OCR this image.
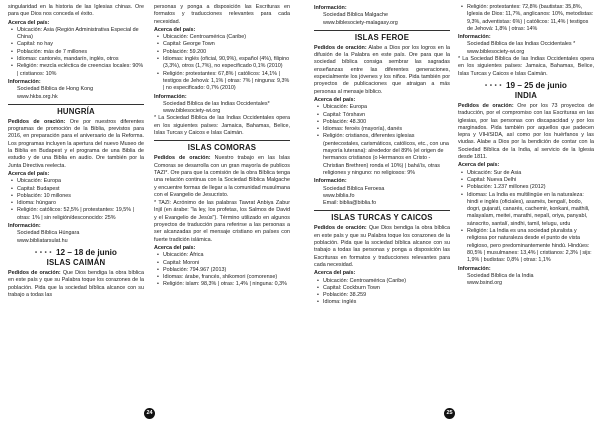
singularidad en la historia de las Iglesias chinas. Ore para que Dios nos conceda el éxito.

Acerca del país:
• Ubicación: Asia (Región Administrativa Especial de China)
• Capital: no hay
• Población: más de 7 millones
• Idiomas: cantonés, mandarín, inglés, otros
• Religión: mezcla ecléctica de creencias locales: 90% | cristianos: 10%
Información:
Sociedad Bíblica de Hong Kong
www.hkbs.org.hk
HUNGRÍA

Pedidos de oración: Ore por nuestros diferentes programas de promoción de la Biblia, previstos para 2016, en preparación para el aniversario de la Reforma. Los programas incluyen la apertura del nuevo Museo de la Biblia en Budapest y el programa de una Biblia de estudio y de una Biblia en audio. Ore también por la Junta Directiva reelecta.

Acerca del país:
• Ubicación: Europa
• Capital: Budapest
• Población: 10 millones
• Idioma: húngaro
• Religión: católicos: 52,5% | protestantes: 19,5% | otras: 1% | sin religión/desconocido: 25%
Información:
Sociedad Bíblica Húngara
www.bibliatarsulat.hu
• • • • 12 – 18 de junio
ISLAS CAIMÁN

Pedidos de oración: Que Dios bendiga la obra bíblica en este país y que su Palabra toque los corazones de la población. Pida que la sociedad bíblica alcance con su trabajo a todas las

personas y ponga a disposición las Escrituras en formatos y traducciones relevantes para cada necesidad.

Acerca del país:
• Ubicación: Centroamérica (Caribe)
• Capital: George Town
• Población: 59.200
• Idiomas: inglés (oficial, 90,9%), español (4%), filipino (3,3%), otros (1,7%), no especificado 0,1% (2010)
• Religión: protestantes: 67,8% | católicos: 14,1% | testigos de Jehová: 1,1% | otras: 7% | ninguna: 9,3% | no especificado: 0,7% (2010)
Información:
Sociedad Bíblica de las Indias Occidentales*
www.biblesociety-wi.org

* La Sociedad Bíblica de las Indias Occidentales opera en los siguientes países: Jamaica, Bahamas, Belice, Islas Turcas y Caicos e Islas Caimán.

ISLAS COMORAS

Pedidos de oración: Nuestro trabajo en las Islas Comoras se desarrolla con un gran mayoría de publicos TAZI*. Ore para que la comisión de la obra Bíblica tenga una relación continua con la Sociedad Bíblica Malgache y encuentre formas de llegar a la comunidad musulmana con el Evangelio de Jesucristo.

* TAZI: Acrónimo de las palabras Tawrat Anbiya Zabur Injil (en árabe: "la ley, los profetas, los Salmos de David y el Evangelio de Jesús"). Término utilizado en algunos proyectos de traducción para referirse a las personas a ser alcanzadas por el mensaje cristiano en países con fuerte tradición islámica.

Acerca del país:
• Ubicación: África
• Capital: Moroni
• Población: 794.967 (2013)
• Idiomas: árabe, francés, shikomori (comorense)
• Religión: islam: 98,3% | otras: 1,4% | ninguna: 0,3%
24
Información:
Sociedad Bíblica Malgache
www.biblesociety-malagasy.org
ISLAS FEROE

Pedidos de oración: Alabe a Dios por los logros en la difusión de la Palabra en este país. Ore para que la sociedad bíblica consiga sembrar las sagradas enseñanzas entre las diferentes generaciones, especialmente los jóvenes y los niños. Pida también por proyectos de publicaciones que atraigan a más personas al mensaje bíblico.

Acerca del país:
• Ubicación: Europa
• Capital: Tórshavn
• Población: 48.300
• Idiomas: feroés (mayoría), danés
• Religión: cristianos, diferentes iglesias (pentecostales, carismáticos, católicos, etc., con una mayoría luterana): alrededor del 89% (el origen de hermanos cristianos (o Hermanos en Cristo - Christian Brethren) ronda el 10%) | bahá'ís, otras religiones y ninguno: no religiosos: 9%
Información:
Sociedad Bíblica Feroesa
www.biblia.fo
Email: biblia@biblia.fo
ISLAS TURCAS Y CAICOS

Pedidos de oración: Que Dios bendiga la obra bíblica en este país y que su Palabra toque los corazones de la población. Pida que la sociedad bíblica alcance con su trabajo a todas las personas y ponga a disposición las Escrituras en formatos y traducciones relevantes para cada necesidad.

Acerca del país:
• Ubicación: Centroamérica (Caribe)
• Capital: Cockburn Town
• Población: 38.259
• Idioma: inglés
• Religión: protestantes: 72,8% (bautistas: 35,8%, Iglesia de Dios: 11,7%, anglicanos: 10%, metodistas: 9,3%, adventistas: 6%) | católicos: 11,4% | testigos de Jehová: 1,8% | otras: 14%
Información:
Sociedad Bíblica de las Indias Occidentales *
www.biblesociety-wi.org

* La Sociedad Bíblica de las Indias Occidentales opera en los siguientes países: Jamaica, Bahamas, Belice, Islas Turcas y Caicos e Islas Caimán.

• • • • 19 – 25 de junio
INDIA

Pedidos de oración: Ore por los 73 proyectos de traducción, por el compromiso con las Escrituras en las iglesias, por las personas con discapacidad y por los marginados. Pida también por aquellos que padecen lepra y VIH/SIDA, así como por los huérfanos y las viudas. Alabe a Dios por la bendición de contar con la Sociedad Bíblica de la India, al servicio de la Iglesia desde 1811.

Acerca del país:
• Ubicación: Sur de Asia
• Capital: Nueva Delhi
• Población: 1.237 millones (2012)
• Idiomas: La India es multilingüe en la naturaleza: hindi e inglés (oficiales), asamés, bengalí, bodo, dogri, gujaratí, canarés, cachemir, konkani, maithili, malayalam, meitei, marathi, nepalí, oriya, panyabí, sánscrito, santalí, sindhi, tamil, telugu, urdu
• Religión: La India es una sociedad pluralista y religiosa por naturaleza desde el punto de vista religioso, pero predominantemente hindú. Hindúes: 80,5% | musulmanes: 13,4% | cristianos: 2,3% | sijs: 1,9% | budistas: 0,8% | otras: 1,1%
Información:
Sociedad Bíblica de la India
www.bsind.org
25
